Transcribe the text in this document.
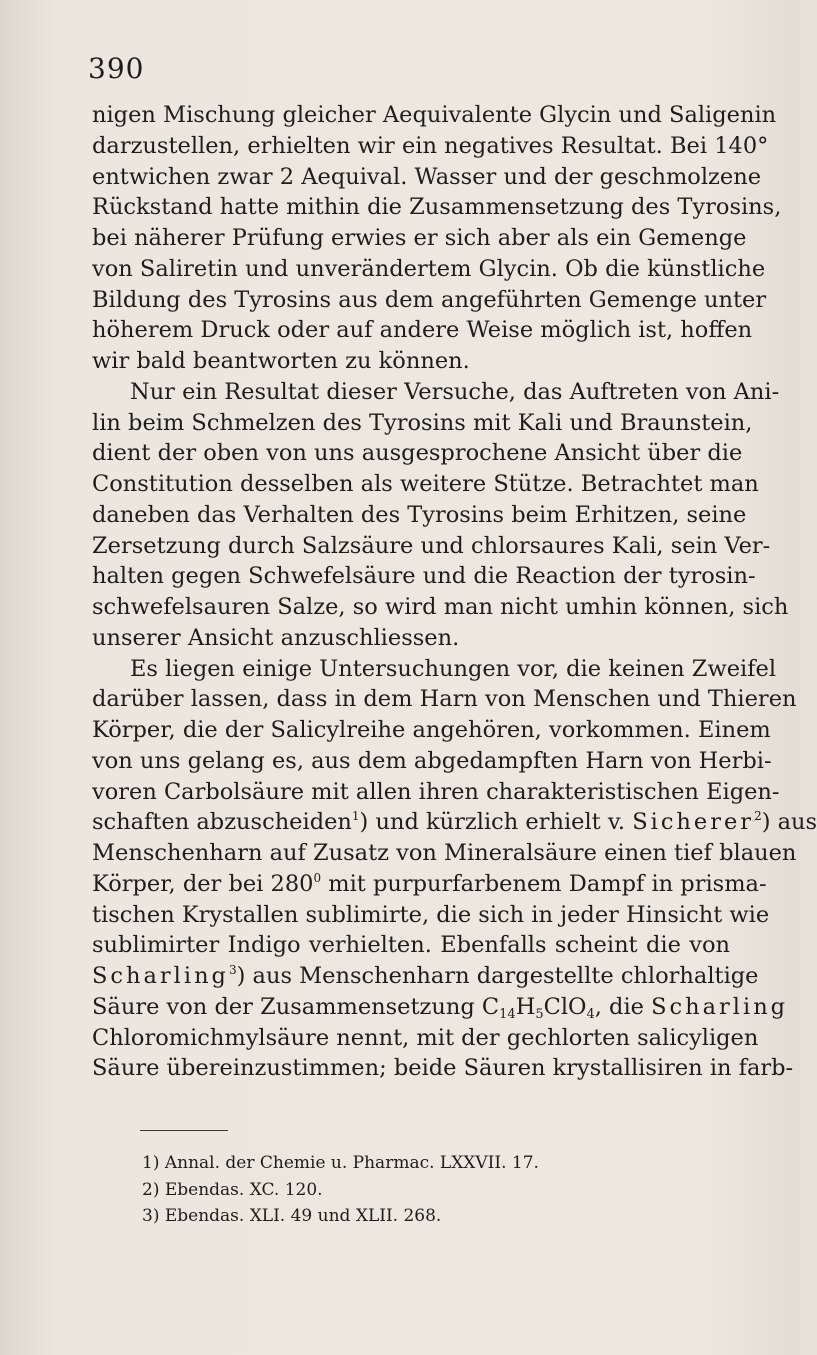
390
nigen Mischung gleicher Aequivalente Glycin und Saligenin
darzustellen, erhielten wir ein negatives Resultat. Bei 140°
entwichen zwar 2 Aequival. Wasser und der geschmolzene
Rückstand hatte mithin die Zusammensetzung des Tyrosins,
bei näherer Prüfung erwies er sich aber als ein Gemenge
von Saliretin und unverändertem Glycin. Ob die künstliche
Bildung des Tyrosins aus dem angeführten Gemenge unter
höherem Druck oder auf andere Weise möglich ist, hoffen
wir bald beantworten zu können.
Nur ein Resultat dieser Versuche, das Auftreten von Ani-
lin beim Schmelzen des Tyrosins mit Kali und Braunstein,
dient der oben von uns ausgesprochene Ansicht über die
Constitution desselben als weitere Stütze. Betrachtet man
daneben das Verhalten des Tyrosins beim Erhitzen, seine
Zersetzung durch Salzsäure und chlorsaures Kali, sein Ver-
halten gegen Schwefelsäure und die Reaction der tyrosin-
schwefelsauren Salze, so wird man nicht umhin können, sich
unserer Ansicht anzuschliessen.
Es liegen einige Untersuchungen vor, die keinen Zweifel
darüber lassen, dass in dem Harn von Menschen und Thieren
Körper, die der Salicylreihe angehören, vorkommen. Einem
von uns gelang es, aus dem abgedampften Harn von Herbi-
voren Carbolsäure mit allen ihren charakteristischen Eigen-
schaften abzuscheiden$^1$) und kürzlich erhielt v. Sicherer$^2$) aus
Menschenharn auf Zusatz von Mineralsäure einen tief blauen
Körper, der bei $280^0$ mit purpurfarbenem Dampf in prisma-
tischen Krystallen sublimirte, die sich in jeder Hinsicht wie
sublimirter Indigo verhielten. Ebenfalls scheint die von
Scharling$^3$) aus Menschenharn dargestellte chlorhaltige
Säure von der Zusammensetzung $C_{14}H_5ClO_4$, die Scharling
Chloromichmylsäure nennt, mit der gechlorten salicyligen
Säure übereinzustimmen; beide Säuren krystallisiren in farb-
1) Annal. der Chemie u. Pharmac. LXXVII. 17.
2) Ebendas. XC. 120.
3) Ebendas. XLI. 49 und XLII. 268.
